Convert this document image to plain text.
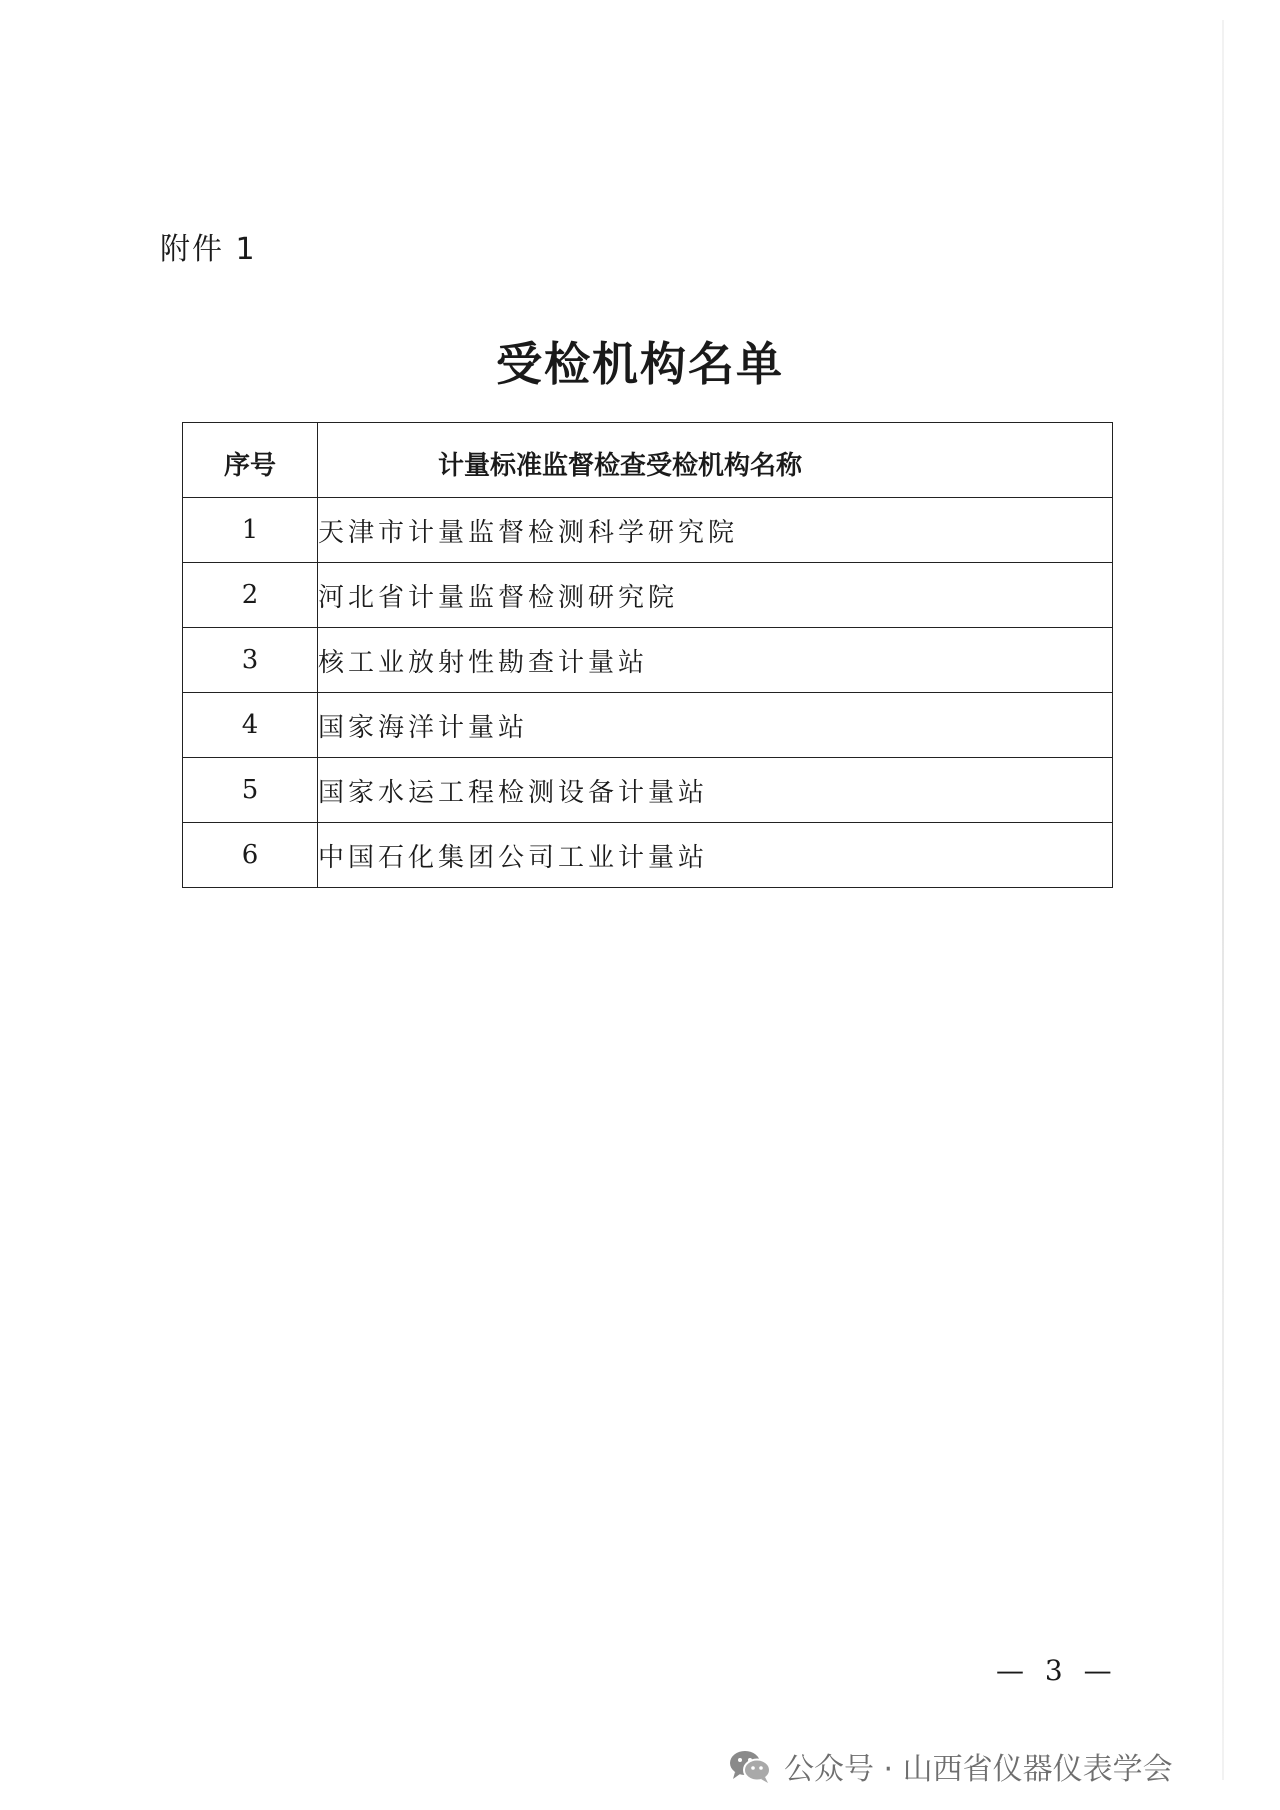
附件 1
受检机构名单
序号	计量标准监督检查受检机构名称
1	天津市计量监督检测科学研究院
2	河北省计量监督检测研究院
3	核工业放射性勘查计量站
4	国家海洋计量站
5	国家水运工程检测设备计量站
6	中国石化集团公司工业计量站
— 3 —
公众号 · 山西省仪器仪表学会
